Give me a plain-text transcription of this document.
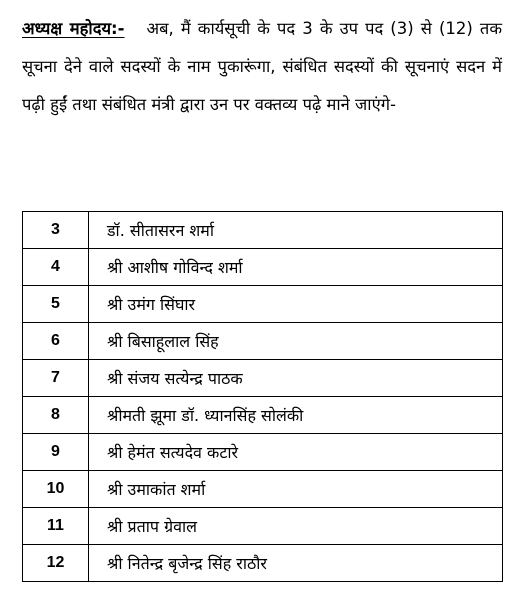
अध्यक्ष महोदय:- अब, मैं कार्यसूची के पद 3 के उप पद (3) से (12) तक सूचना देने वाले सदस्यों के नाम पुकारूंगा, संबंधित सदस्यों की सूचनाएं सदन में पढ़ी हुईं तथा संबंधित मंत्री द्वारा उन पर वक्तव्य पढ़े माने जाएंगे-
3	डॉ. सीतासरन शर्मा
4	श्री आशीष गोविन्द शर्मा
5	श्री उमंग सिंघार
6	श्री बिसाहूलाल सिंह
7	श्री संजय सत्येन्द्र पाठक
8	श्रीमती झूमा डॉ. ध्यानसिंह सोलंकी
9	श्री हेमंत सत्यदेव कटारे
10	श्री उमाकांत शर्मा
11	श्री प्रताप ग्रेवाल
12	श्री नितेन्द्र बृजेन्द्र सिंह राठौर
